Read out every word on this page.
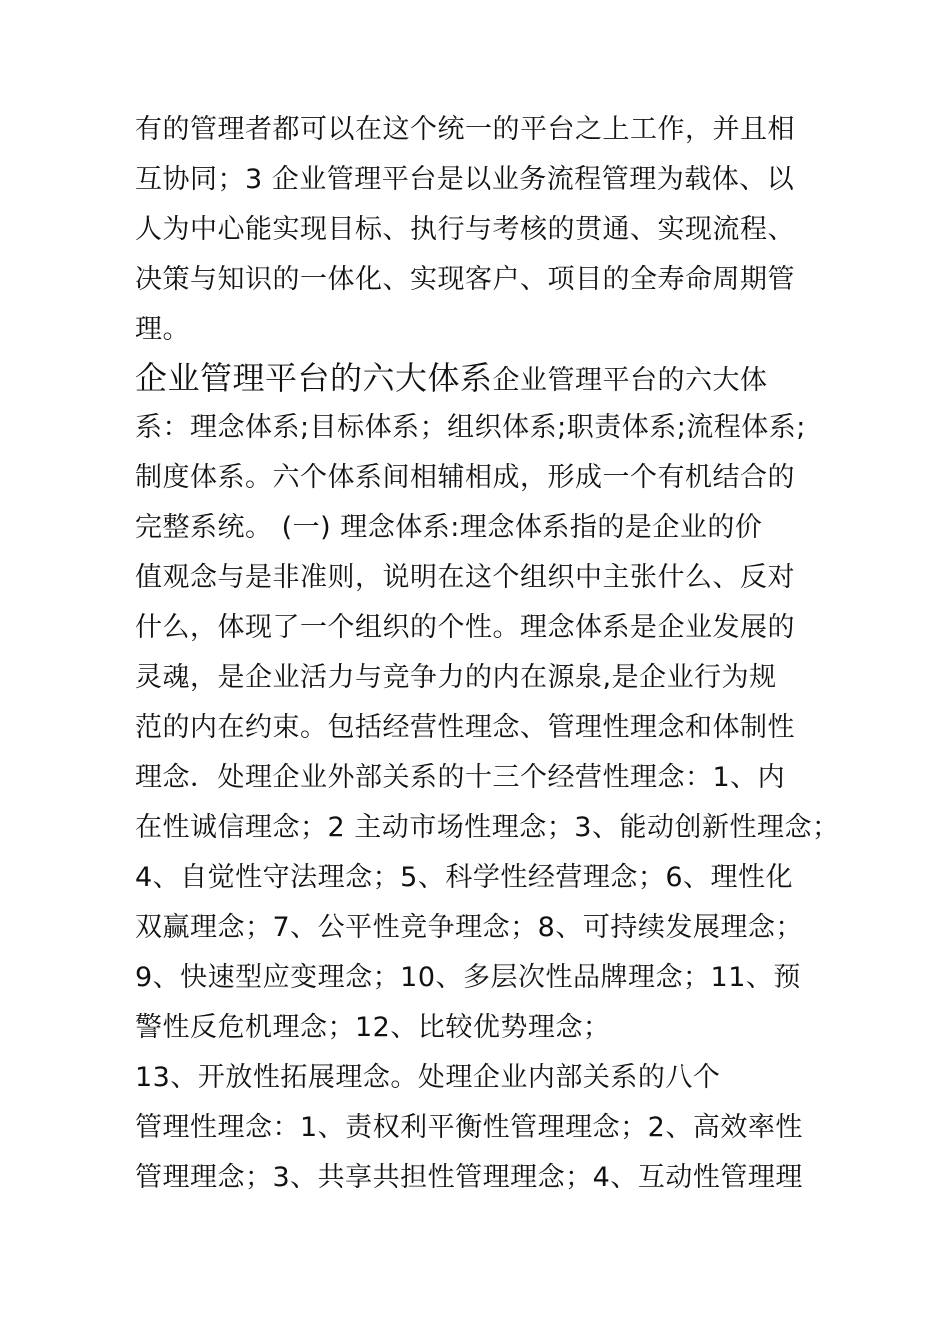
有的管理者都可以在这个统一的平台之上工作，并且相
互协同；3 企业管理平台是以业务流程管理为载体、以
人为中心能实现目标、执行与考核的贯通、实现流程、
决策与知识的一体化、实现客户、项目的全寿命周期管
理。
企业管理平台的六大体系企业管理平台的六大体
系：理念体系;目标体系；组织体系;职责体系;流程体系;
制度体系。六个体系间相辅相成，形成一个有机结合的
完整系统。 (一) 理念体系:理念体系指的是企业的价
值观念与是非准则，说明在这个组织中主张什么、反对
什么，体现了一个组织的个性。理念体系是企业发展的
灵魂，是企业活力与竞争力的内在源泉,是企业行为规
范的内在约束。包括经营性理念、管理性理念和体制性
理念．处理企业外部关系的十三个经营性理念：1、内
在性诚信理念；2 主动市场性理念；3、能动创新性理念；
4、自觉性守法理念；5、科学性经营理念；6、理性化
双赢理念；7、公平性竞争理念；8、可持续发展理念；
9、快速型应变理念；10、多层次性品牌理念；11、预
警性反危机理念；12、比较优势理念；
13、开放性拓展理念。处理企业内部关系的八个
管理性理念：1、责权利平衡性管理理念；2、高效率性
管理理念；3、共享共担性管理理念；4、互动性管理理
